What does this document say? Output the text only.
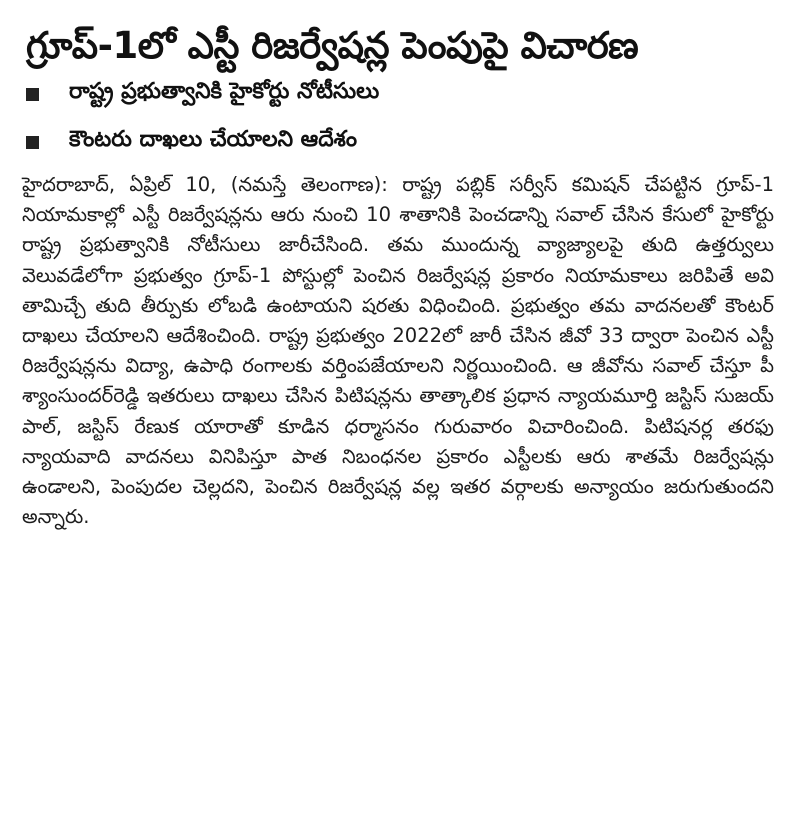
గ్రూప్‌-1లో ఎస్టీ రిజర్వేషన్ల పెంపుపై విచారణ
రాష్ట్ర ప్రభుత్వానికి హైకోర్టు నోటీసులు
కౌంటరు దాఖలు చేయాలని ఆదేశం

హైదరాబాద్‌, ఏప్రిల్‌ 10, (నమస్తే తెలంగాణ): రాష్ట్ర పబ్లిక్‌ సర్వీస్‌ కమిషన్‌ చేపట్టిన గ్రూప్‌-1 నియామకాల్లో ఎస్టీ రిజర్వేషన్లను ఆరు నుంచి 10 శాతానికి పెంచడాన్ని సవాల్‌ చేసిన కేసులో హైకోర్టు రాష్ట్ర ప్రభుత్వానికి నోటీసులు జారీచేసింది. తమ ముందున్న వ్యాజ్యాలపై తుది ఉత్తర్వులు వెలువడేలోగా ప్రభుత్వం గ్రూప్‌-1 పోస్టుల్లో పెంచిన రిజర్వేషన్ల ప్రకారం నియామకాలు జరిపితే అవి తామిచ్చే తుది తీర్పుకు లోబడి ఉంటాయని షరతు విధించింది. ప్రభుత్వం తమ వాదనలతో కౌంటర్‌ దాఖలు చేయాలని ఆదేశించింది. రాష్ట్ర ప్రభుత్వం 2022లో జారీ చేసిన జీవో 33 ద్వారా పెంచిన ఎస్టీ రిజర్వేషన్లను విద్యా, ఉపాధి రంగాలకు వర్తింపజేయాలని నిర్ణయించింది. ఆ జీవోను సవాల్‌ చేస్తూ పీ శ్యాంసుందర్‌రెడ్డి ఇతరులు దాఖలు చేసిన పిటిషన్లను తాత్కాలిక ప్రధాన న్యాయమూర్తి జస్టిస్‌ సుజయ్‌ పాల్‌, జస్టిస్‌ రేణుక యారాతో కూడిన ధర్మాసనం గురువారం విచారించింది. పిటిషనర్ల తరఫు న్యాయవాది వాదనలు వినిపిస్తూ పాత నిబంధనల ప్రకారం ఎస్టీలకు ఆరు శాతమే రిజర్వేషన్లు ఉండాలని, పెంపుదల చెల్లదని, పెంచిన రిజర్వేషన్ల వల్ల ఇతర వర్గాలకు అన్యాయం జరుగుతుందని అన్నారు.
